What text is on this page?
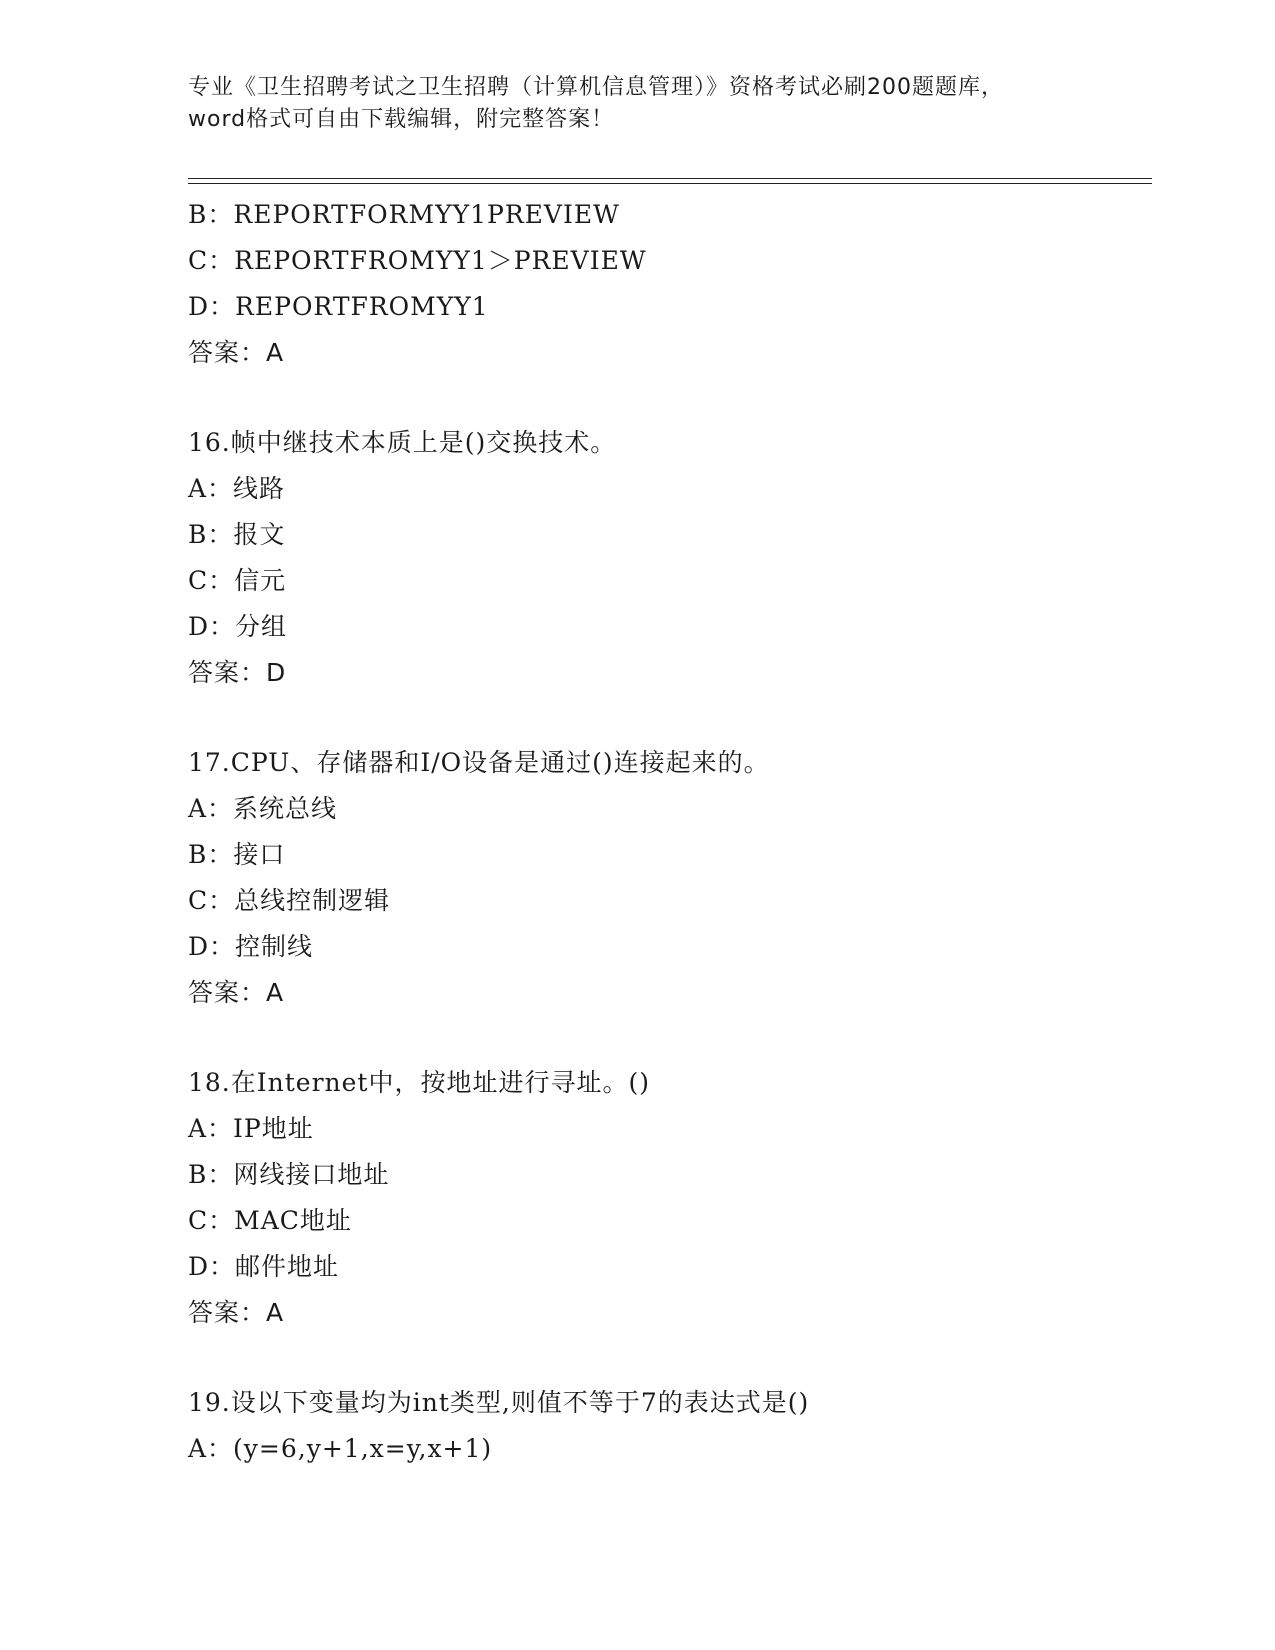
专业《卫生招聘考试之卫生招聘（计算机信息管理）》资格考试必刷200题题库，
word格式可自由下载编辑，附完整答案！
B：REPORTFORMYY1PREVIEW
C：REPORTFROMYY1＞PREVIEW
D：REPORTFROMYY1
答案：A
16.帧中继技术本质上是()交换技术。
A：线路
B：报文
C：信元
D：分组
答案：D
17.CPU、存储器和I/O设备是通过()连接起来的。
A：系统总线
B：接口
C：总线控制逻辑
D：控制线
答案：A
18.在Internet中，按地址进行寻址。()
A：IP地址
B：网线接口地址
C：MAC地址
D：邮件地址
答案：A
19.设以下变量均为int类型,则值不等于7的表达式是()
A：(y=6,y+1,x=y,x+1)
